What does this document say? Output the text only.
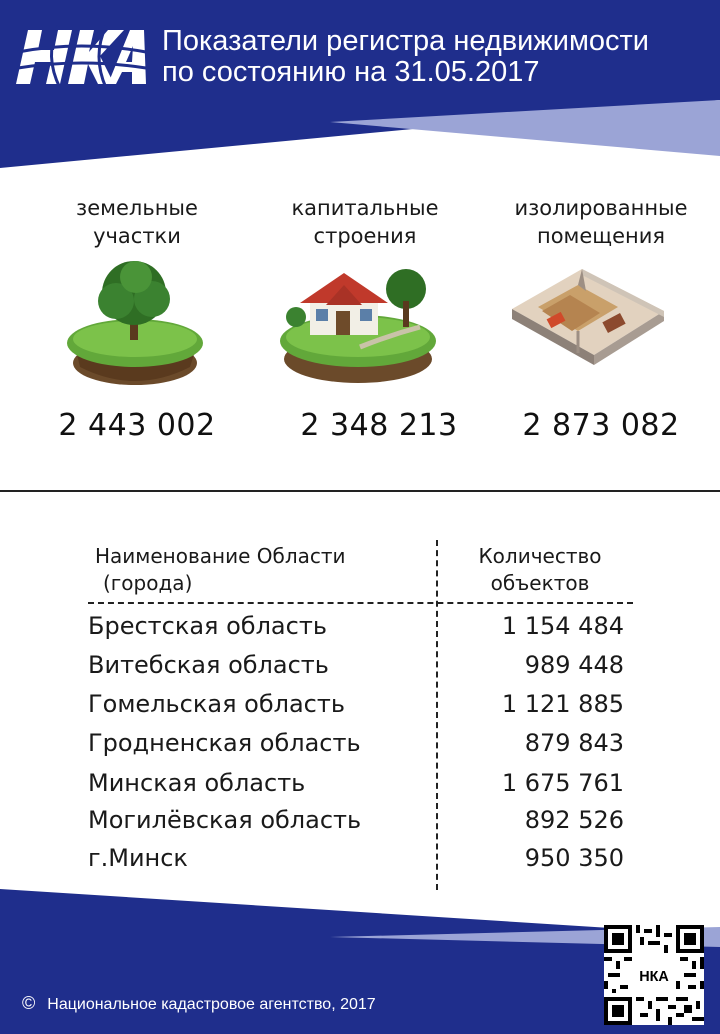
Показатели регистра недвижимости
по состоянию на 31.05.2017
земельные
участки
2 443 002
капитальные
строения
2 348 213
изолированные
помещения
2 873 082
Наименование Области
(города)
Количество
объектов
Брестская область	1 154 484
Витебская область	989 448
Гомельская область	1 121 885
Гродненская область	879 843
Минская область	1 675 761
Могилёвская область	892 526
г.Минск	950 350
© Национальное кадастровое агентство, 2017
НКА
